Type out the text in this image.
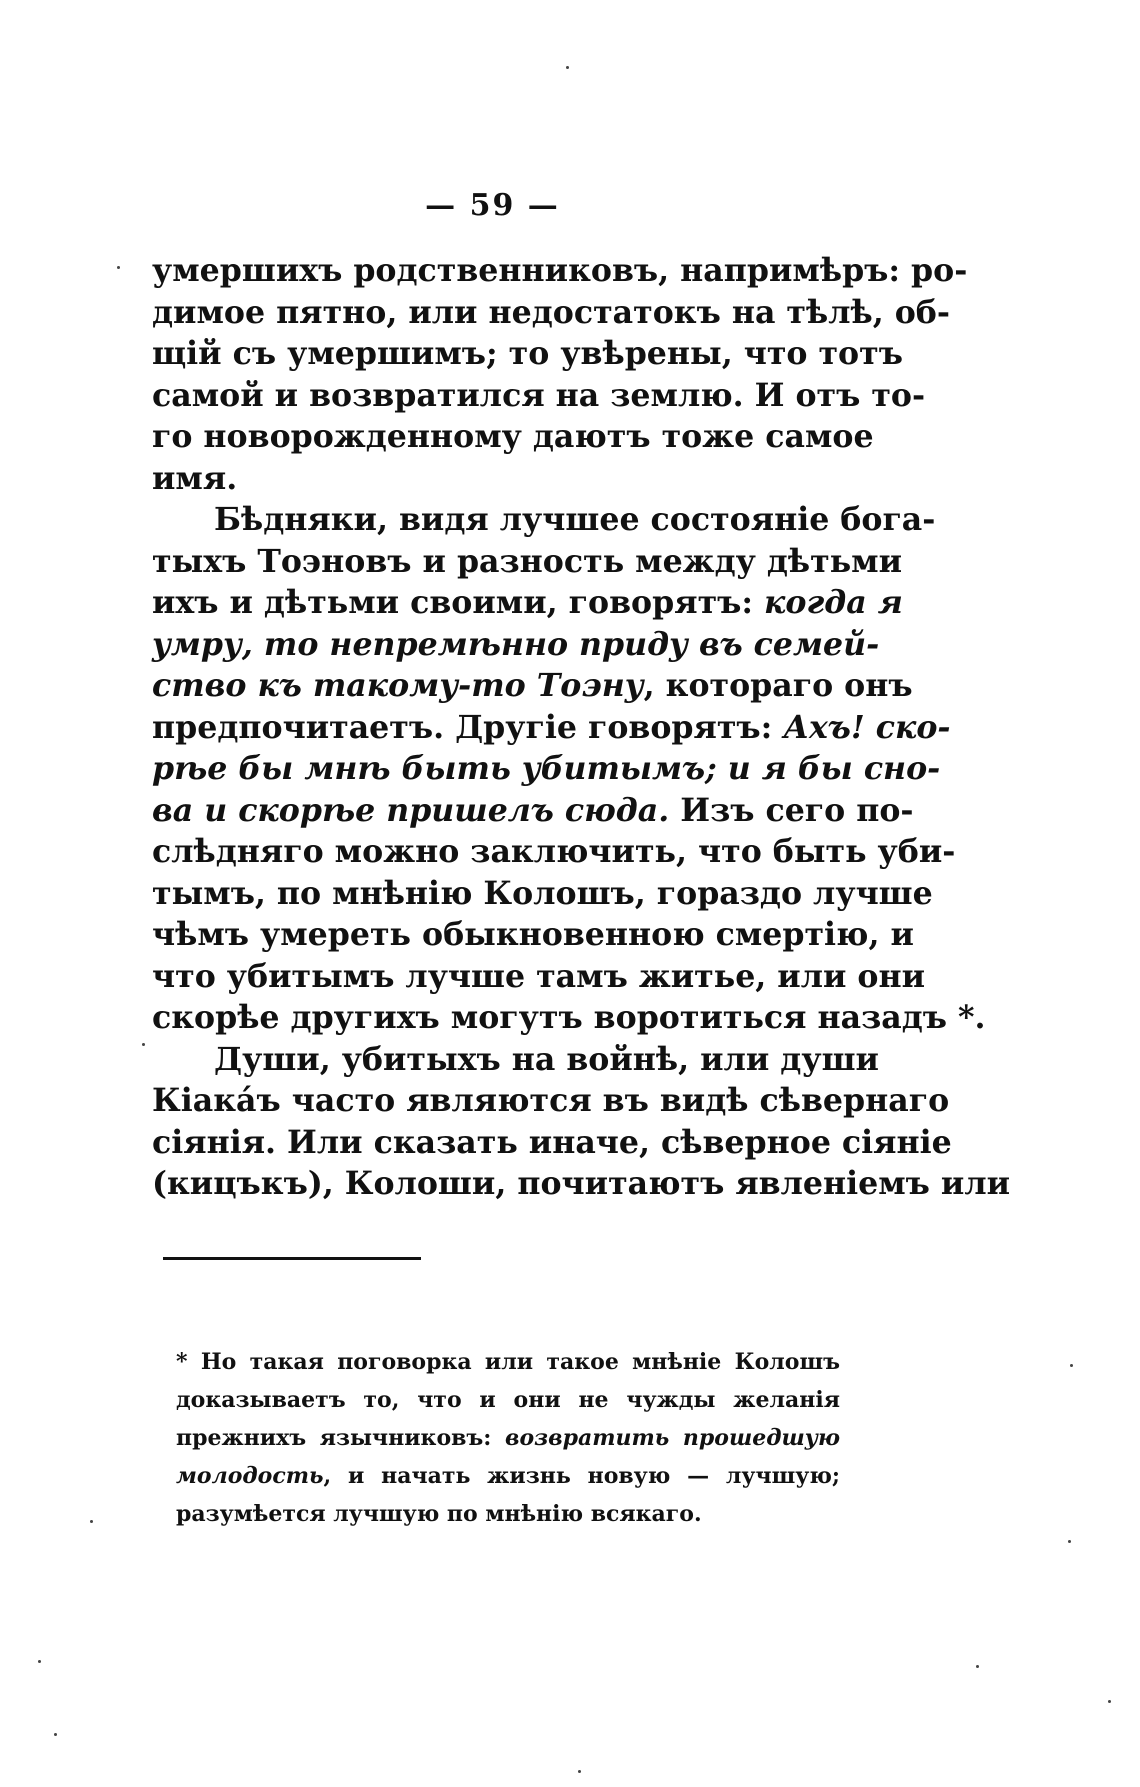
— 59 —
умершихъ родственниковъ, напримѣръ: ро-
димое пятно, или недостатокъ на тѣлѣ, об-
щій съ умершимъ; то увѣрены, что тотъ
самой и возвратился на землю. И отъ то-
го новорожденному даютъ тоже самое
имя.
Бѣдняки, видя лучшее состояніе бога-
тыхъ Тоэновъ и разность между дѣтьми
ихъ и дѣтьми своими, говорятъ: когда я
умру, то непремѣнно приду въ семей-
ство къ такому-то Тоэну, котораго онъ
предпочитаетъ. Другіе говорятъ: Ахъ! ско-
рѣе бы мнѣ быть убитымъ; и я бы сно-
ва и скорѣе пришелъ сюда. Изъ сего по-
слѣдняго можно заключить, что быть уби-
тымъ, по мнѣнію Колошъ, гораздо лучше
чѣмъ умереть обыкновенною смертію, и
что убитымъ лучше тамъ житье, или они
скорѣе другихъ могутъ воротиться назадъ *.
Души, убитыхъ на войнѣ, или души
Кіакáъ часто являются въ видѣ сѣвернаго
сіянія. Или сказать иначе, сѣверное сіяніе
(кицъкъ), Колоши, почитаютъ явленіемъ или
* Но такая поговорка или такое мнѣніе Колошъ
доказываетъ то, что и они не чужды желанія
прежнихъ язычниковъ: возвратить прошедшую
молодость, и начать жизнь новую — лучшую;
разумѣется лучшую по мнѣнію всякаго.
